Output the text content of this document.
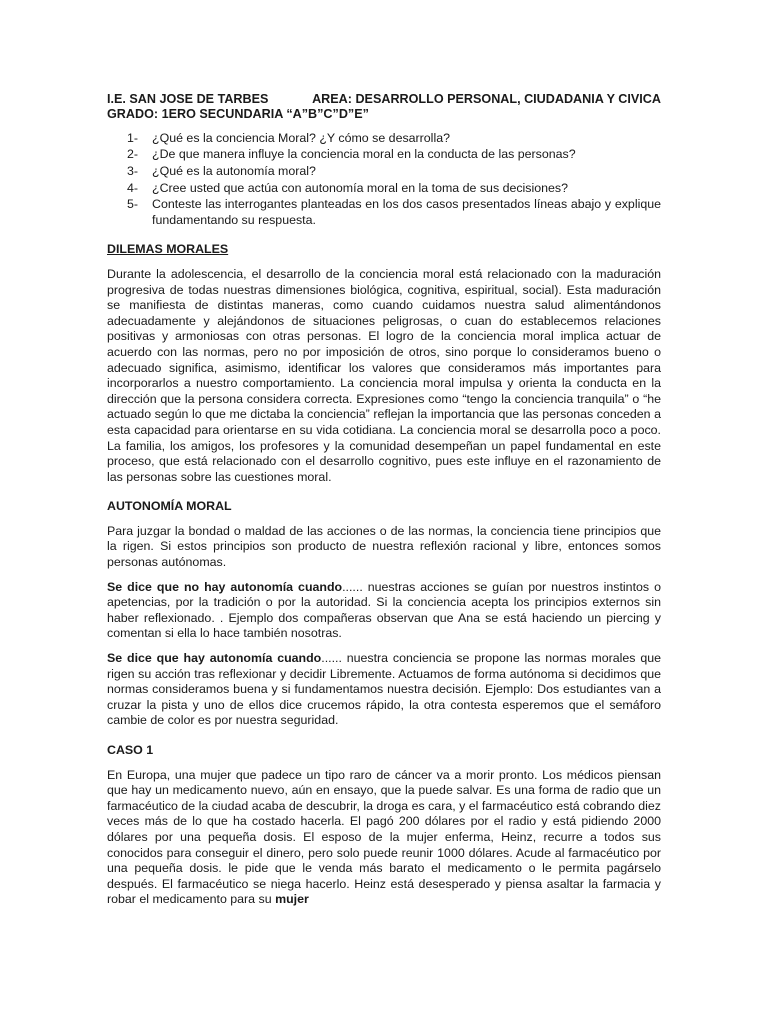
I.E. SAN JOSE DE TARBES	AREA: DESARROLLO PERSONAL, CIUDADANIA Y CIVICA
GRADO: 1ERO SECUNDARIA “A”B”C”D”E”
1-	¿Qué es la conciencia Moral? ¿Y cómo se desarrolla?
2-	¿De que manera influye la conciencia moral en la conducta de las personas?
3-	¿Qué es la autonomía moral?
4-	¿Cree usted que actúa con autonomía moral en la toma de sus decisiones?
5-	Conteste las interrogantes planteadas en los dos casos presentados líneas abajo y explique fundamentando su respuesta.
DILEMAS MORALES

Durante la adolescencia, el desarrollo de la conciencia moral está relacionado con la maduración progresiva de todas nuestras dimensiones biológica, cognitiva, espiritual, social). Esta maduración se manifiesta de distintas maneras, como cuando cuidamos nuestra salud alimentándonos adecuadamente y alejándonos de situaciones peligrosas, o cuan do establecemos relaciones positivas y armoniosas con otras personas. El logro de la conciencia moral implica actuar de acuerdo con las normas, pero no por imposición de otros, sino porque lo consideramos bueno o adecuado significa, asimismo, identificar los valores que consideramos más importantes para incorporarlos a nuestro comportamiento. La conciencia moral impulsa y orienta la conducta en la dirección que la persona considera correcta. Expresiones como “tengo la conciencia tranquila” o “he actuado según lo que me dictaba la conciencia” reflejan la importancia que las personas conceden a esta capacidad para orientarse en su vida cotidiana. La conciencia moral se desarrolla poco a poco. La familia, los amigos, los profesores y la comunidad desempeñan un papel fundamental en este proceso, que está relacionado con el desarrollo cognitivo, pues este influye en el razonamiento de las personas sobre las cuestiones moral.

AUTONOMÍA MORAL

Para juzgar la bondad o maldad de las acciones o de las normas, la conciencia tiene principios que la rigen. Si estos principios son producto de nuestra reflexión racional y libre, entonces somos personas autónomas.

Se dice que no hay autonomía cuando...... nuestras acciones se guían por nuestros instintos o apetencias, por la tradición o por la autoridad. Si la conciencia acepta los principios externos sin haber reflexionado. . Ejemplo dos compañeras observan que Ana se está haciendo un piercing y comentan si ella lo hace también nosotras.

Se dice que hay autonomía cuando...... nuestra conciencia se propone las normas morales que rigen su acción tras reflexionar y decidir Libremente. Actuamos de forma autónoma si decidimos que normas consideramos buena y si fundamentamos nuestra decisión. Ejemplo: Dos estudiantes van a cruzar la pista y uno de ellos dice crucemos rápido, la otra contesta esperemos que el semáforo cambie de color es por nuestra seguridad.

CASO 1

En Europa, una mujer que padece un tipo raro de cáncer va a morir pronto. Los médicos piensan que hay un medicamento nuevo, aún en ensayo, que la puede salvar. Es una forma de radio que un farmacéutico de la ciudad acaba de descubrir, la droga es cara, y el farmacéutico está cobrando diez veces más de lo que ha costado hacerla. El pagó 200 dólares por el radio y está pidiendo 2000 dólares por una pequeña dosis. El esposo de la mujer enferma, Heinz, recurre a todos sus conocidos para conseguir el dinero, pero solo puede reunir 1000 dólares. Acude al farmacéutico por una pequeña dosis. le pide que le venda más barato el medicamento o le permita pagárselo después. El farmacéutico se niega hacerlo. Heinz está desesperado y piensa asaltar la farmacia y robar el medicamento para su mujer
